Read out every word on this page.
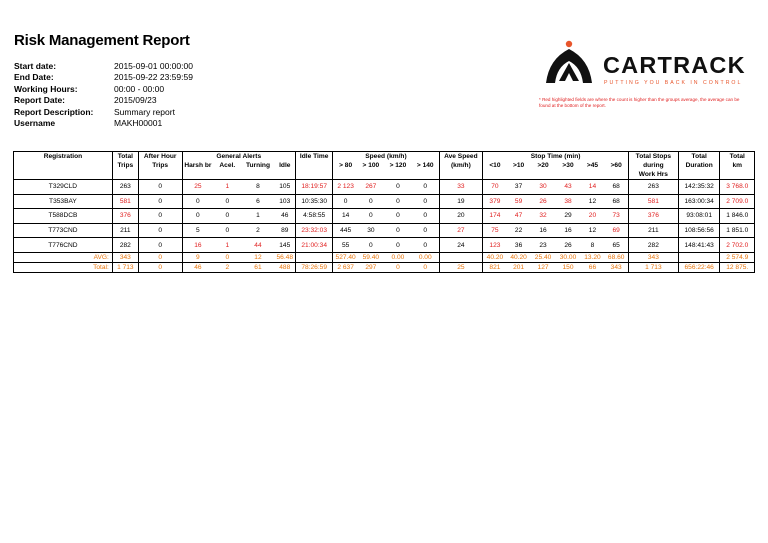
Risk Management Report
Start date:	2015-09-01 00:00:00
End Date:	2015-09-22 23:59:59
Working Hours:	00:00 - 00:00
Report Date:	2015/09/23
Report Description:	Summary report
Username	MAKH00001
CARTRACK
PUTTING YOU BACK IN CONTROL
* Red highlighted fields are where the count is higher than the groups average, the average can be found at the bottom of the report.
Registration	Total	After Hour	General Alerts				Idle Time	Speed (km/h)				Ave Speed	Stop Time (min)						Total Stops	Total	Total
	Trips	Trips	Harsh br	Acel.	Turning	Idle		> 80	> 100	> 120	> 140	(km/h)	<10	>10	>20	>30	>45	>60	during	Duration	km
																			Work Hrs		
T329CLD	263	0	25	1	8	105	18:19:57	2 123	267	0	0	33	70	37	30	43	14	68	263	142:35:32	3 768.0
T353BAY	581	0	0	0	6	103	10:35:30	0	0	0	0	19	379	59	26	38	12	68	581	163:00:34	2 709.0
T588DCB	376	0	0	0	1	46	4:58:55	14	0	0	0	20	174	47	32	29	20	73	376	93:08:01	1 846.0
T773CND	211	0	5	0	2	89	23:32:03	445	30	0	0	27	75	22	16	16	12	69	211	108:56:56	1 851.0
T776CND	282	0	16	1	44	145	21:00:34	55	0	0	0	24	123	36	23	26	8	65	282	148:41:43	2 702.0
AVG:	343	0	9	0	12	56.48		527.40	59.40	0.00	0.00		40.20	40.20	25.40	30.00	13.20	68.60	343		2 574.9
Total:	1 713	0	46	2	61	488	78:26:59	2 637	297	0	0	25	821	201	127	150	66	343	1 713	656:22:46	12 875.
